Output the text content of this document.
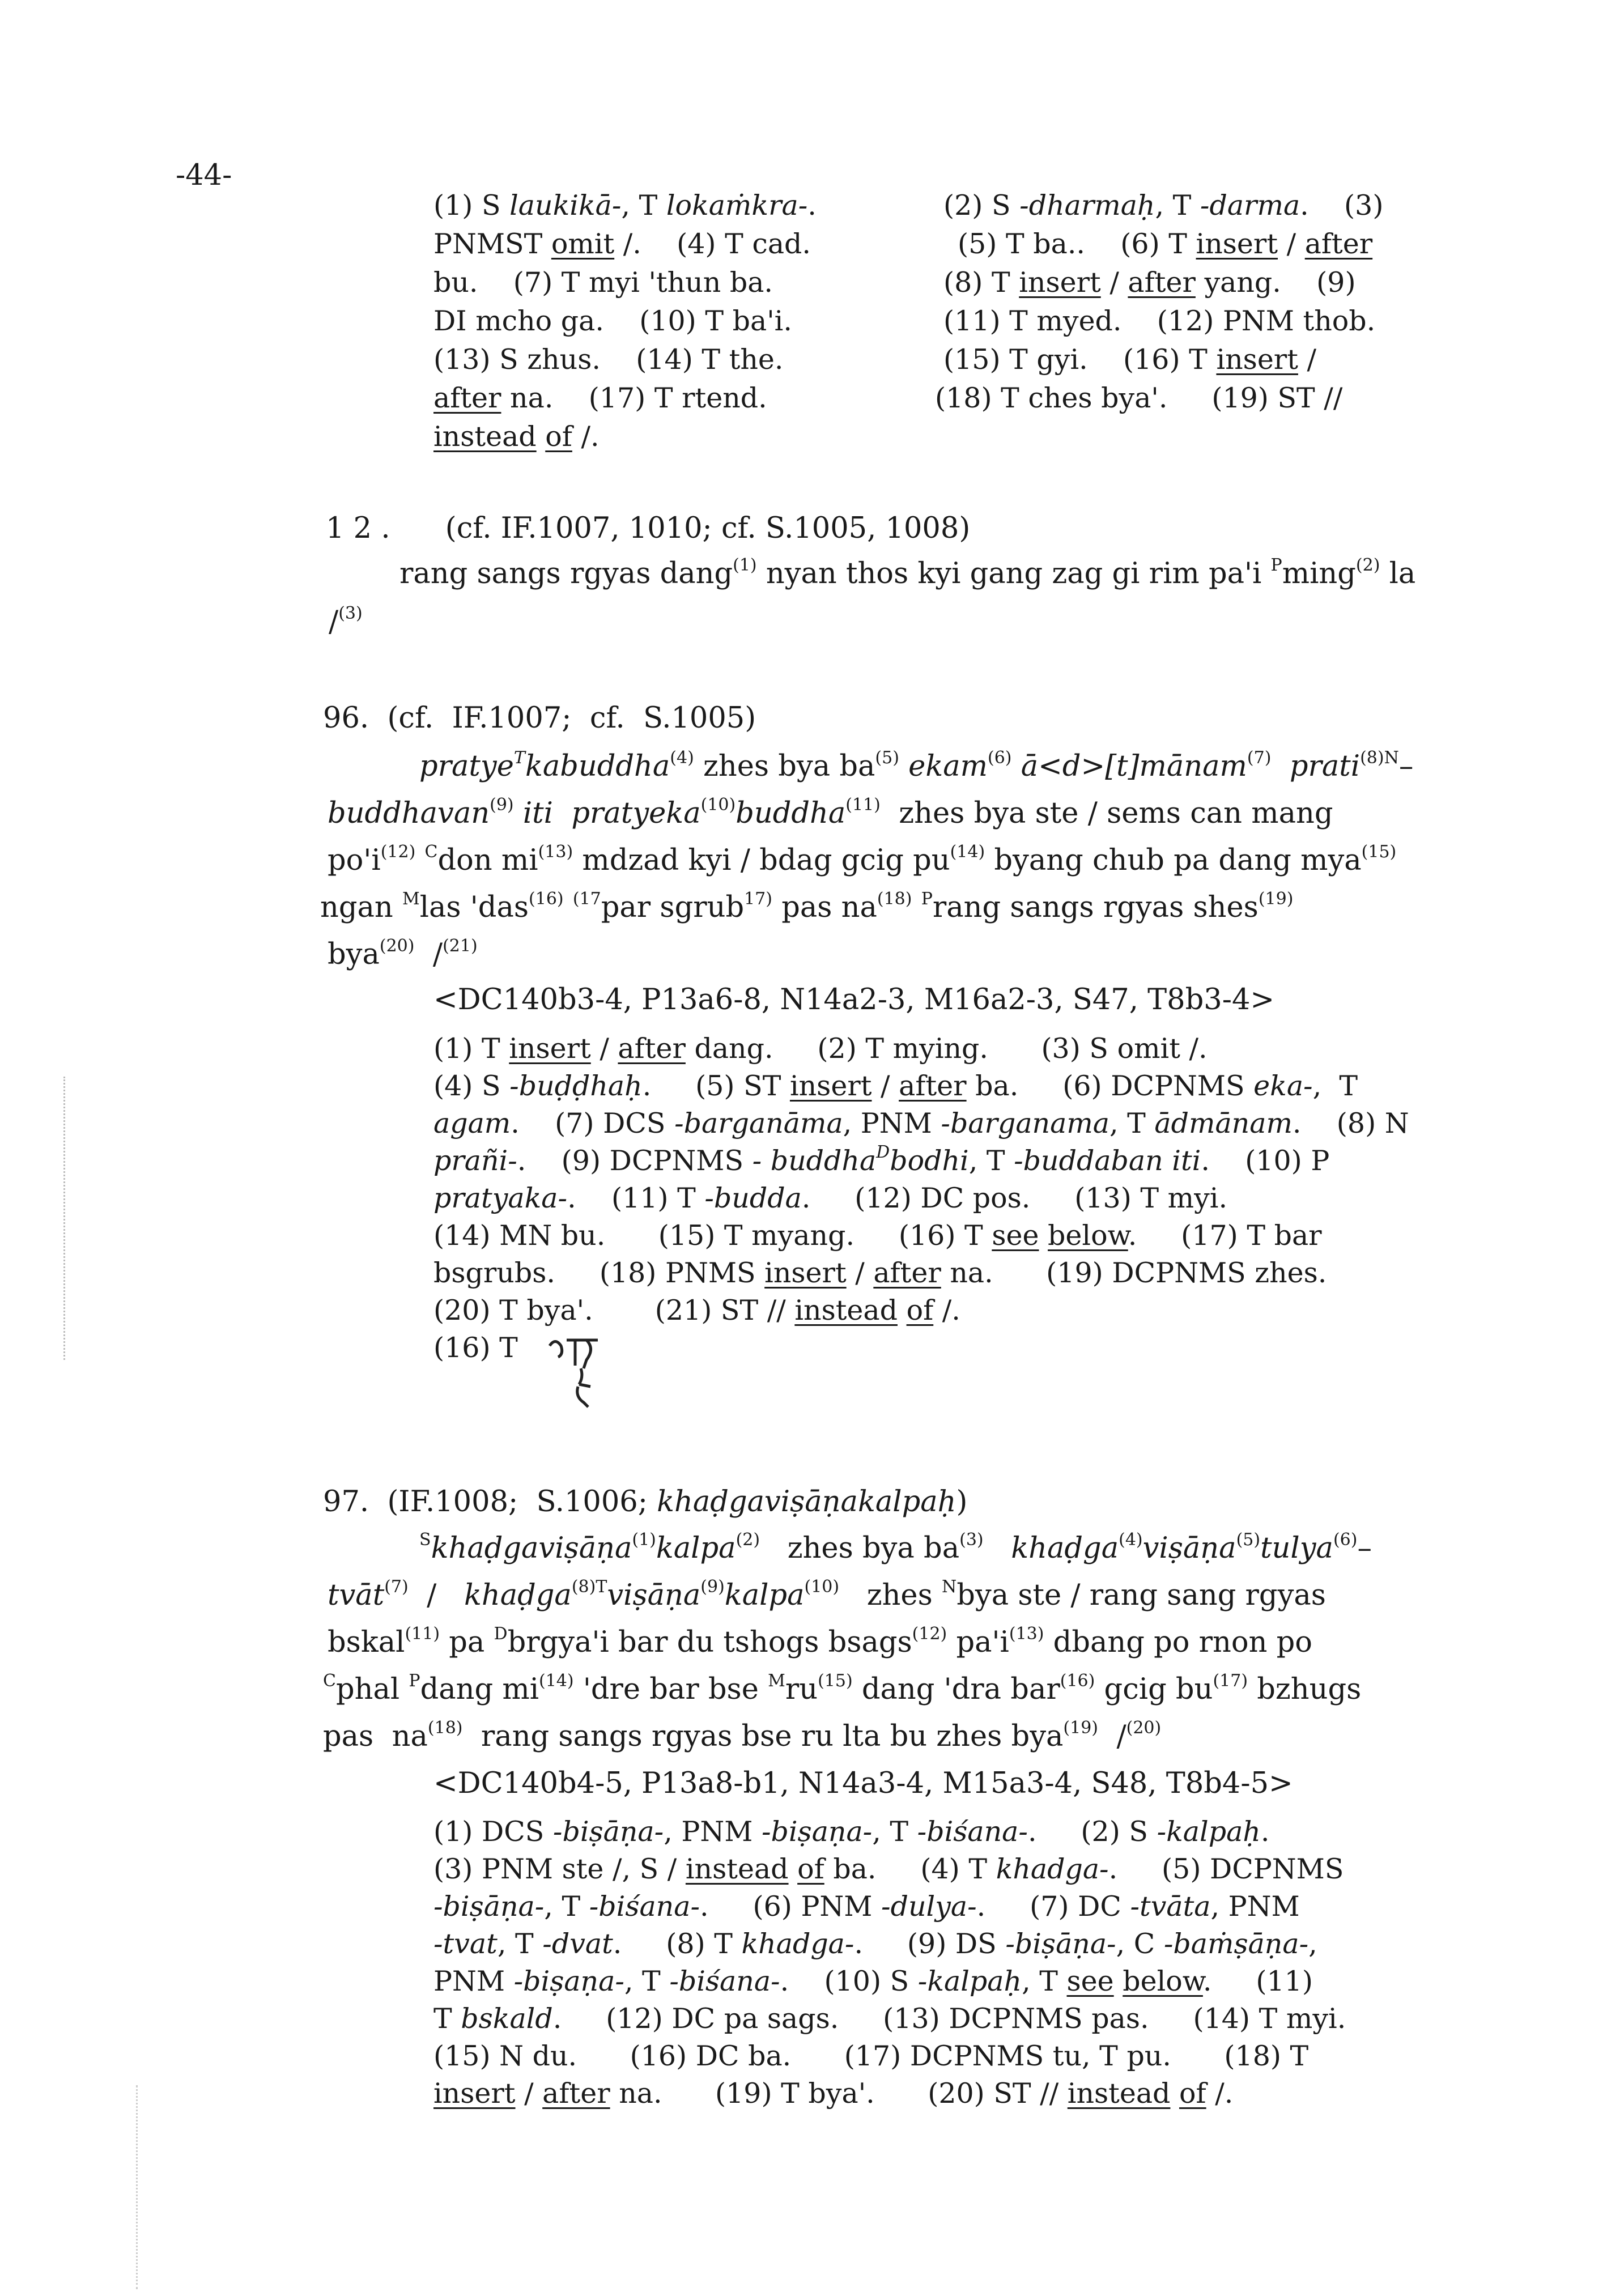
-44-
(1) S laukikā-, T lokaṁkra-.	(2) S -dharmaḥ, T -darma.    (3)
PNMST omit /.    (4) T cad.	(5) T ba..    (6) T insert / after
bu.    (7) T myi 'thun ba.	(8) T insert / after yang.    (9)
DI mcho ga.    (10) T ba'i.	(11) T myed.    (12) PNM thob.
(13) S zhus.    (14) T the.	(15) T gyi.    (16) T insert /
after na.    (17) T rtend.	(18) T ches bya'.     (19) ST //
instead of /.
1 2 .      (cf. IF.1007, 1010; cf. S.1005, 1008)
rang sangs rgyas dang$^{(1)}$ nyan thos kyi gang zag gi rim pa'i $^P$ming$^{(2)}$ la
/$^{(3)}$
96.  (cf.  IF.1007;  cf.  S.1005)
pratye$^T$kabuddha$^{(4)}$ zhes bya $ba^{(5)}$ ekam$^{(6)}$ ā<d>[t]mānam$^{(7)}$ prati$^{(8)N}$–
buddhavan$^{(9)}$ iti pratyeka$^{(10)}$buddha$^{(11)}$  zhes bya ste / sems can mang
$po'i^{(12)}$ $^C$don $mi^{(13)}$ mdzad kyi / bdag gcig $pu^{(14)}$ byang chub pa dang mya$^{(15)}$
ngan $^M$las 'das$^{(16)}$ $^{(17}$par sgrub$^{17)}$ pas $na^{(18)}$ $^P$rang sangs rgyas shes$^{(19)}$
bya$^{(20)}$  /$^{(21)}$
<DC140b3-4, P13a6-8, N14a2-3, M16a2-3, S47, T8b3-4>
(1) T insert / after dang.     (2) T mying.      (3) S omit /.
(4) S -buḍḍhaḥ.     (5) ST insert / after ba.     (6) DCPNMS eka-,  T
agam.    (7) DCS -barganāma, PNM -barganama, T ādmānam.    (8) N
prañi-.    (9) DCPNMS - buddha$^D$bodhi, T -buddaban iti.    (10) P
pratyaka-.    (11) T -budda.     (12) DC pos.     (13) T myi.
(14) MN bu.      (15) T myang.     (16) T see below.     (17) T bar
bsgrubs.     (18) PNMS insert / after na.      (19) DCPNMS zhes.
(20) T bya'.       (21) ST // instead of /.
(16) T
97.  (IF.1008;  S.1006; khaḍgaviṣāṇakalpaḥ)
$^S$khaḍgaviṣāṇa$^{(1)}$kalpa$^{(2)}$   zhes bya $ba^{(3)}$ khaḍga$^{(4)}$viṣāṇa$^{(5)}$tulya$^{(6)}$–
tvāt$^{(7)}$  /   khaḍga$^{(8)T}$viṣāṇa$^{(9)}$kalpa$^{(10)}$   zhes $^N$bya ste / rang sang rgyas
bskal$^{(11)}$ pa $^D$brgya'i bar du tshogs bsags$^{(12)}$ $pa'i^{(13)}$ dbang po rnon po
$^C$phal $^P$dang $mi^{(14)}$ 'dre bar bse $^Mru^{(15)}$ dang 'dra bar$^{(16)}$ gcig $bu^{(17)}$ bzhugs
pas  $na^{(18)}$  rang sangs rgyas bse ru lta bu zhes bya$^{(19)}$  /$^{(20)}$
<DC140b4-5, P13a8-b1, N14a3-4, M15a3-4, S48, T8b4-5>
(1) DCS -biṣāṇa-, PNM -biṣaṇa-, T -biśana-.     (2) S -kalpaḥ.
(3) PNM ste /, S / instead of ba.     (4) T khadga-.     (5) DCPNMS
-biṣāṇa-, T -biśana-.     (6) PNM -dulya-.     (7) DC -tvāta, PNM
-tvat, T -dvat.     (8) T khadga-.     (9) DS -biṣāṇa-, C -baṁṣāṇa-,
PNM -biṣaṇa-, T -biśana-.    (10) S -kalpaḥ, T see below.     (11)
T bskald.     (12) DC pa sags.     (13) DCPNMS pas.     (14) T myi.
(15) N du.      (16) DC ba.      (17) DCPNMS tu, T pu.      (18) T
insert / after na.      (19) T bya'.      (20) ST // instead of /.
